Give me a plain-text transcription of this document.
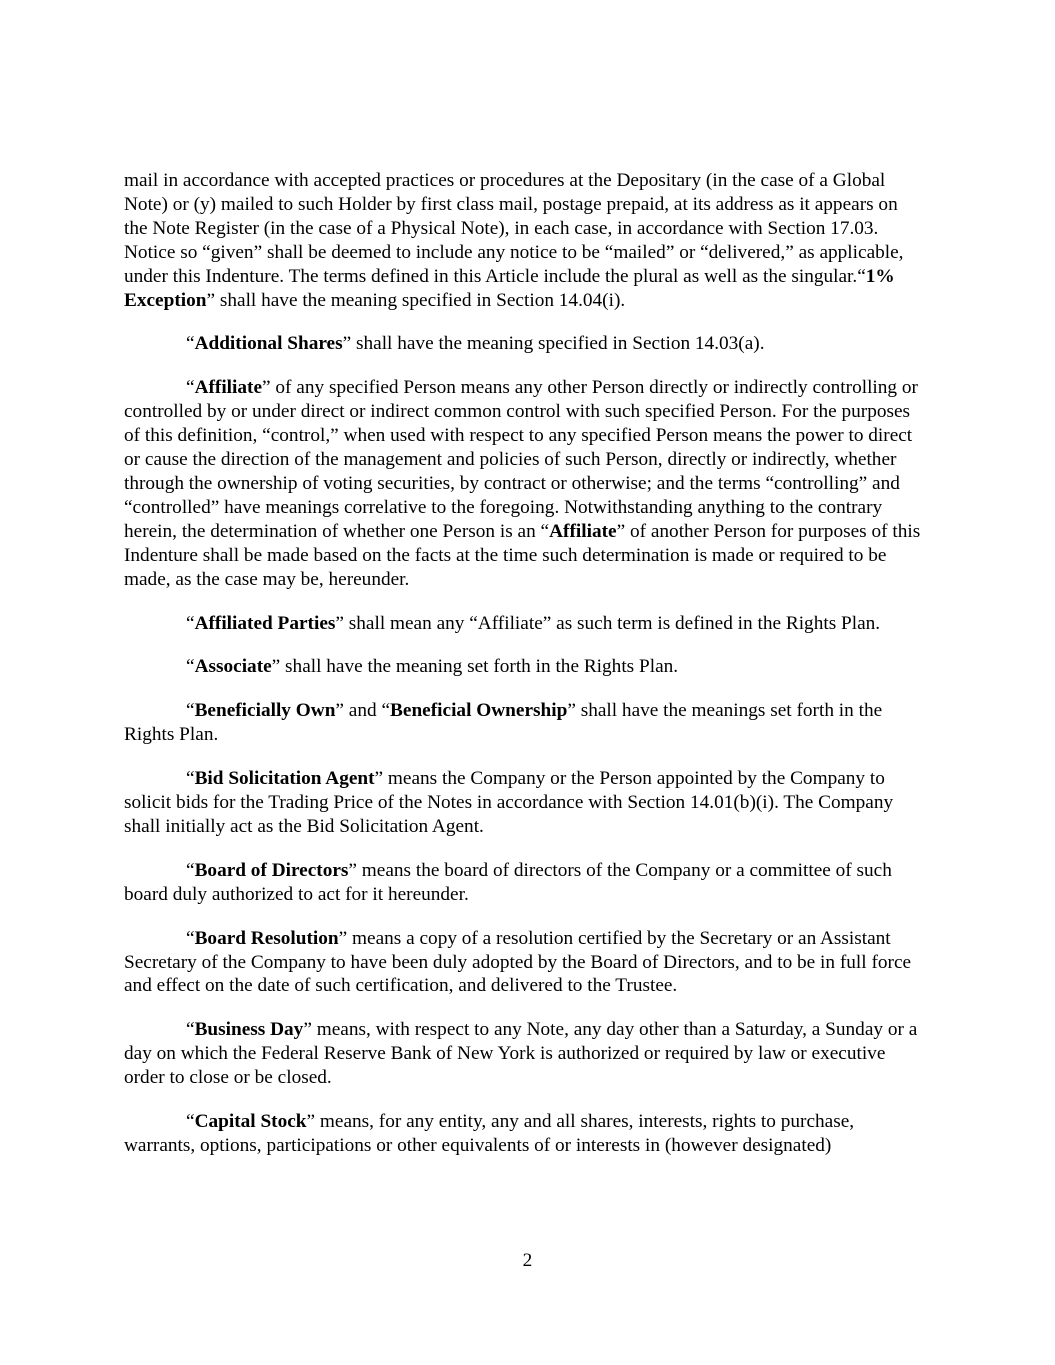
mail in accordance with accepted practices or procedures at the Depositary (in the case of a Global Note) or (y) mailed to such Holder by first class mail, postage prepaid, at its address as it appears on the Note Register (in the case of a Physical Note), in each case, in accordance with Section 17.03. Notice so “given” shall be deemed to include any notice to be “mailed” or “delivered,” as applicable, under this Indenture. The terms defined in this Article include the plural as well as the singular.“1% Exception” shall have the meaning specified in Section 14.04(i).

“Additional Shares” shall have the meaning specified in Section 14.03(a).

“Affiliate” of any specified Person means any other Person directly or indirectly controlling or controlled by or under direct or indirect common control with such specified Person. For the purposes of this definition, “control,” when used with respect to any specified Person means the power to direct or cause the direction of the management and policies of such Person, directly or indirectly, whether through the ownership of voting securities, by contract or otherwise; and the terms “controlling” and “controlled” have meanings correlative to the foregoing. Notwithstanding anything to the contrary herein, the determination of whether one Person is an “Affiliate” of another Person for purposes of this Indenture shall be made based on the facts at the time such determination is made or required to be made, as the case may be, hereunder.

“Affiliated Parties” shall mean any “Affiliate” as such term is defined in the Rights Plan.

“Associate” shall have the meaning set forth in the Rights Plan.

“Beneficially Own” and “Beneficial Ownership” shall have the meanings set forth in the Rights Plan.

“Bid Solicitation Agent” means the Company or the Person appointed by the Company to solicit bids for the Trading Price of the Notes in accordance with Section 14.01(b)(i). The Company shall initially act as the Bid Solicitation Agent.

“Board of Directors” means the board of directors of the Company or a committee of such board duly authorized to act for it hereunder.

“Board Resolution” means a copy of a resolution certified by the Secretary or an Assistant Secretary of the Company to have been duly adopted by the Board of Directors, and to be in full force and effect on the date of such certification, and delivered to the Trustee.

“Business Day” means, with respect to any Note, any day other than a Saturday, a Sunday or a day on which the Federal Reserve Bank of New York is authorized or required by law or executive order to close or be closed.

“Capital Stock” means, for any entity, any and all shares, interests, rights to purchase, warrants, options, participations or other equivalents of or interests in (however designated)

2
